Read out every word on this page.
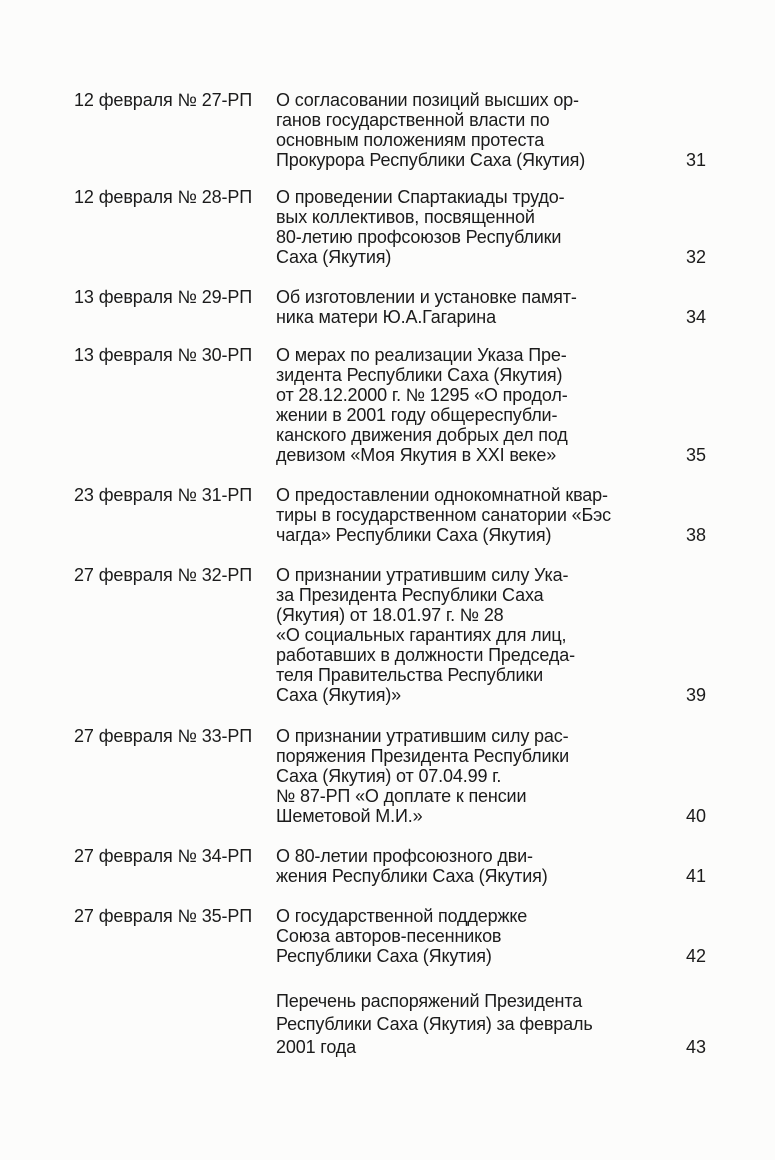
12 февраля № 27-РП О согласовании позиций высших ор-
ганов государственной власти по
основным положениям протеста
Прокурора Республики Саха (Якутия)	31
12 февраля № 28-РП О проведении Спартакиады трудо-
вых коллективов, посвященной
80-летию профсоюзов Республики
Саха (Якутия)	32
13 февраля № 29-РП Об изготовлении и установке памят-
ника матери Ю.А.Гагарина	34
13 февраля № 30-РП О мерах по реализации Указа Пре-
зидента Республики Саха (Якутия)
от 28.12.2000 г. № 1295 «О продол-
жении в 2001 году общереспубли-
канского движения добрых дел под
девизом «Моя Якутия в XXI веке»	35
23 февраля № 31-РП О предоставлении однокомнатной квар-
тиры в государственном санатории «Бэс
чагда» Республики Саха (Якутия)	38
27 февраля № 32-РП О признании утратившим силу Ука-
за Президента Республики Саха
(Якутия) от 18.01.97 г. № 28
«О социальных гарантиях для лиц,
работавших в должности Председа-
теля Правительства Республики
Саха (Якутия)»	39
27 февраля № 33-РП О признании утратившим силу рас-
поряжения Президента Республики
Саха (Якутия) от 07.04.99 г.
№ 87-РП «О доплате к пенсии
Шеметовой М.И.»	40
27 февраля № 34-РП О 80-летии профсоюзного дви-
жения Республики Саха (Якутия)	41
27 февраля № 35-РП О государственной поддержке
Союза авторов-песенников
Республики Саха (Якутия)	42
Перечень распоряжений Президента
Республики Саха (Якутия) за февраль
2001 года	43
